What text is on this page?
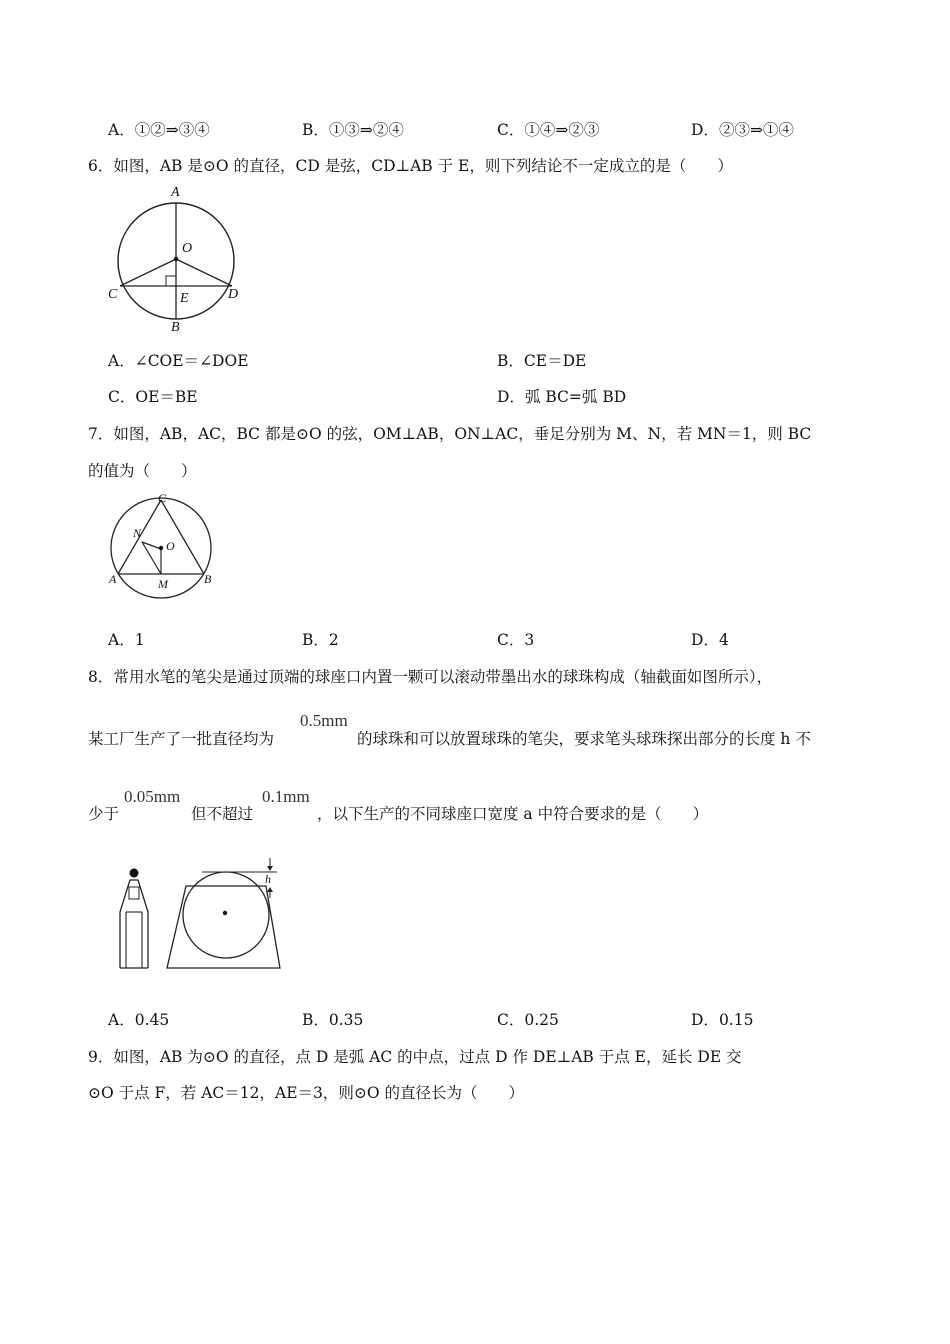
A．①②⇒③④	B．①③⇒②④	C．①④⇒②③	D．②③⇒①④
6．如图，AB 是⊙O 的直径，CD 是弦，CD⊥AB 于 E，则下列结论不一定成立的是（　　）
A
O
C	E	D
B
A．∠COE＝∠DOE	B．CE＝DE
C．OE＝BE	D．弧 BC=弧 BD
7．如图，AB，AC，BC 都是⊙O 的弦，OM⊥AB，ON⊥AC，垂足分别为 M、N，若 MN＝1，则 BC
的值为（　　）
C
N
O
A	M	B
A．1	B．2	C．3	D．4
8．常用水笔的笔尖是通过顶端的球座口内置一颗可以滚动带墨出水的球珠构成（轴截面如图所示），
某工厂生产了一批直径均为
0.5mm
的球珠和可以放置球珠的笔尖，要求笔头球珠探出部分的长度 h 不
少于
0.05mm
但不超过
0.1mm
，以下生产的不同球座口宽度 a 中符合要求的是（　　）
h
A．0.45	B．0.35	C．0.25	D．0.15
9．如图，AB 为⊙O 的直径，点 D 是弧 AC 的中点，过点 D 作 DE⊥AB 于点 E，延长 DE 交
⊙O 于点 F，若 AC＝12，AE＝3，则⊙O 的直径长为（　　）
